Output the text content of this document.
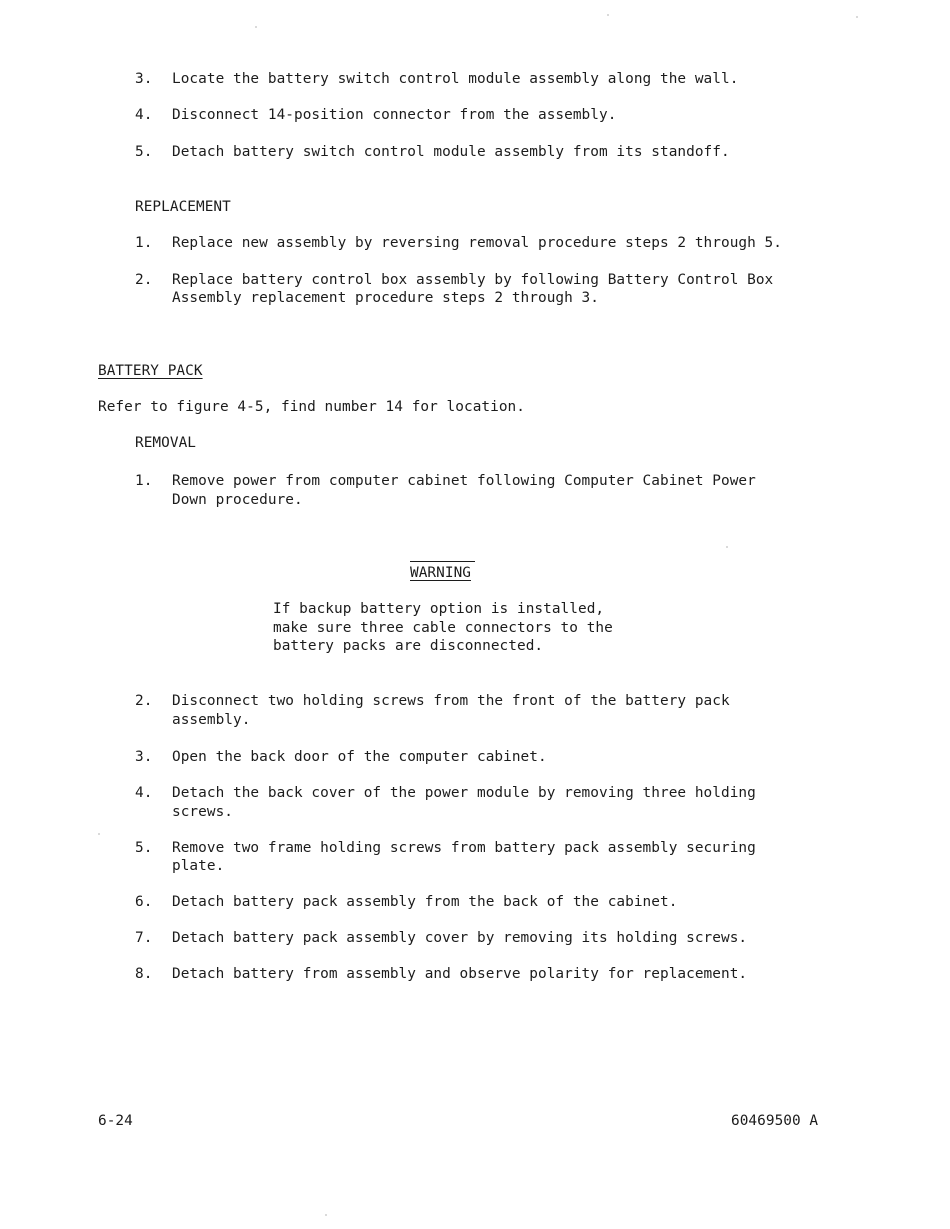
3.	Locate the battery switch control module assembly along the wall.
4.	Disconnect 14-position connector from the assembly.
5.	Detach battery switch control module assembly from its standoff.
REPLACEMENT
1.	Replace new assembly by reversing removal procedure steps 2 through 5.
2.	Replace battery control box assembly by following Battery Control Box
Assembly replacement procedure steps 2 through 3.
BATTERY PACK
Refer to figure 4-5, find number 14 for location.
REMOVAL
1.	Remove power from computer cabinet following Computer Cabinet Power
Down procedure.
WARNING
If backup battery option is installed,
make sure three cable connectors to the
battery packs are disconnected.
2.	Disconnect two holding screws from the front of the battery pack
assembly.
3.	Open the back door of the computer cabinet.
4.	Detach the back cover of the power module by removing three holding
screws.
5.	Remove two frame holding screws from battery pack assembly securing
plate.
6.	Detach battery pack assembly from the back of the cabinet.
7.	Detach battery pack assembly cover by removing its holding screws.
8.	Detach battery from assembly and observe polarity for replacement.
6-24	60469500 A
